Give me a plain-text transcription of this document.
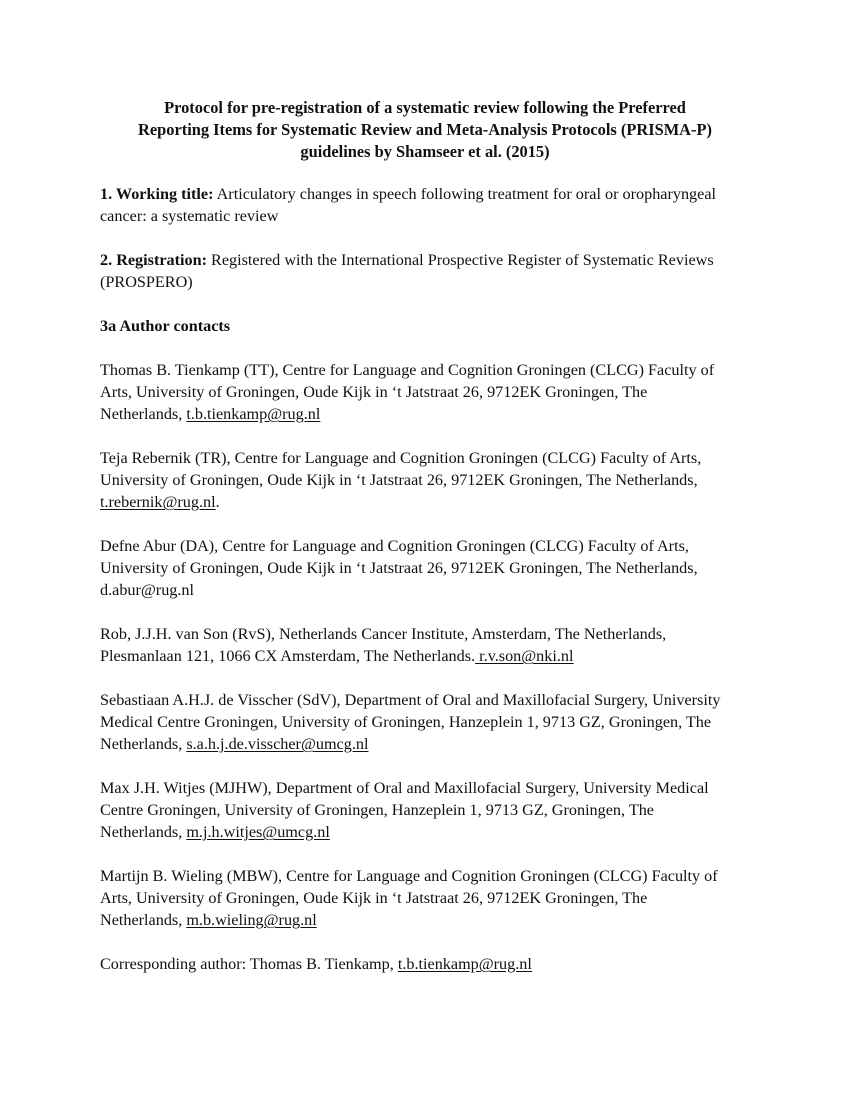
Protocol for pre-registration of a systematic review following the Preferred
Reporting Items for Systematic Review and Meta-Analysis Protocols (PRISMA-P)
guidelines by Shamseer et al. (2015)

1. Working title: Articulatory changes in speech following treatment for oral or oropharyngeal
cancer: a systematic review

2. Registration: Registered with the International Prospective Register of Systematic Reviews
(PROSPERO)

3a Author contacts

Thomas B. Tienkamp (TT), Centre for Language and Cognition Groningen (CLCG) Faculty of
Arts, University of Groningen, Oude Kijk in ‘t Jatstraat 26, 9712EK Groningen, The
Netherlands, t.b.tienkamp@rug.nl

Teja Rebernik (TR), Centre for Language and Cognition Groningen (CLCG) Faculty of Arts,
University of Groningen, Oude Kijk in ‘t Jatstraat 26, 9712EK Groningen, The Netherlands,
t.rebernik@rug.nl.

Defne Abur (DA), Centre for Language and Cognition Groningen (CLCG) Faculty of Arts,
University of Groningen, Oude Kijk in ‘t Jatstraat 26, 9712EK Groningen, The Netherlands,
d.abur@rug.nl

Rob, J.J.H. van Son (RvS), Netherlands Cancer Institute, Amsterdam, The Netherlands,
Plesmanlaan 121, 1066 CX Amsterdam, The Netherlands. r.v.son@nki.nl

Sebastiaan A.H.J. de Visscher (SdV), Department of Oral and Maxillofacial Surgery, University
Medical Centre Groningen, University of Groningen, Hanzeplein 1, 9713 GZ, Groningen, The
Netherlands, s.a.h.j.de.visscher@umcg.nl

Max J.H. Witjes (MJHW), Department of Oral and Maxillofacial Surgery, University Medical
Centre Groningen, University of Groningen, Hanzeplein 1, 9713 GZ, Groningen, The
Netherlands, m.j.h.witjes@umcg.nl

Martijn B. Wieling (MBW), Centre for Language and Cognition Groningen (CLCG) Faculty of
Arts, University of Groningen, Oude Kijk in ‘t Jatstraat 26, 9712EK Groningen, The
Netherlands, m.b.wieling@rug.nl

Corresponding author: Thomas B. Tienkamp, t.b.tienkamp@rug.nl
